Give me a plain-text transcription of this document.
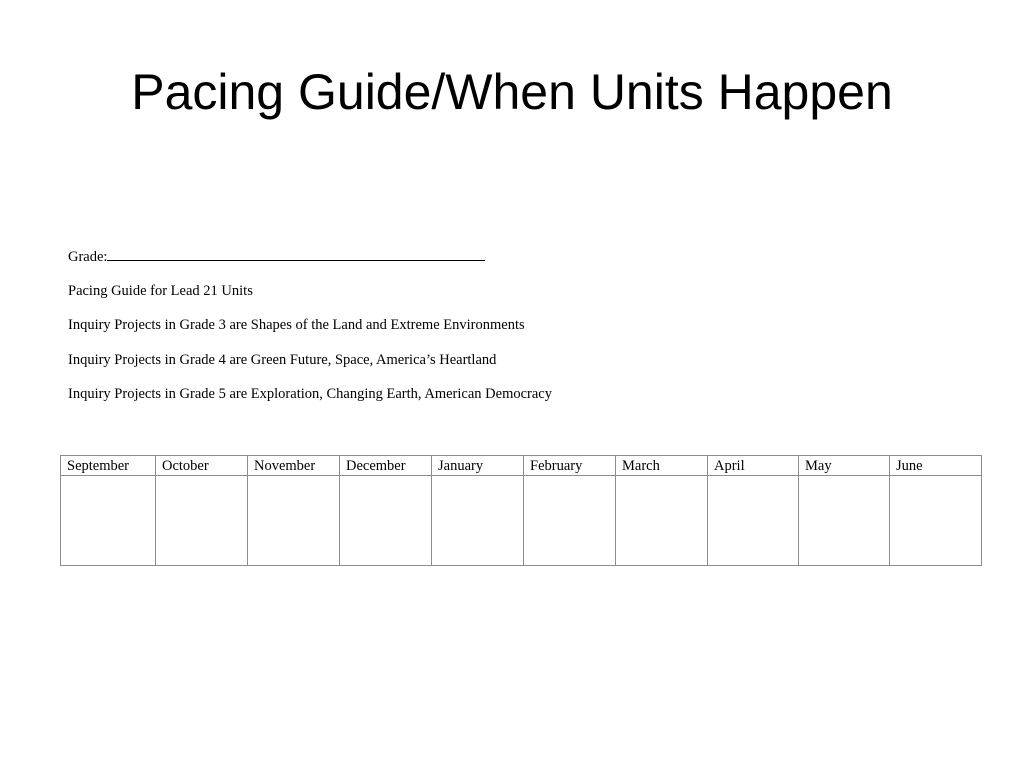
Pacing Guide/When Units Happen
Grade:
Pacing Guide for Lead 21 Units
Inquiry Projects in Grade 3 are Shapes of the Land and Extreme Environments
Inquiry Projects in Grade 4 are Green Future, Space, America’s Heartland
Inquiry Projects in Grade 5 are Exploration, Changing Earth, American Democracy
September	October	November	December	January	February	March	April	May	June
